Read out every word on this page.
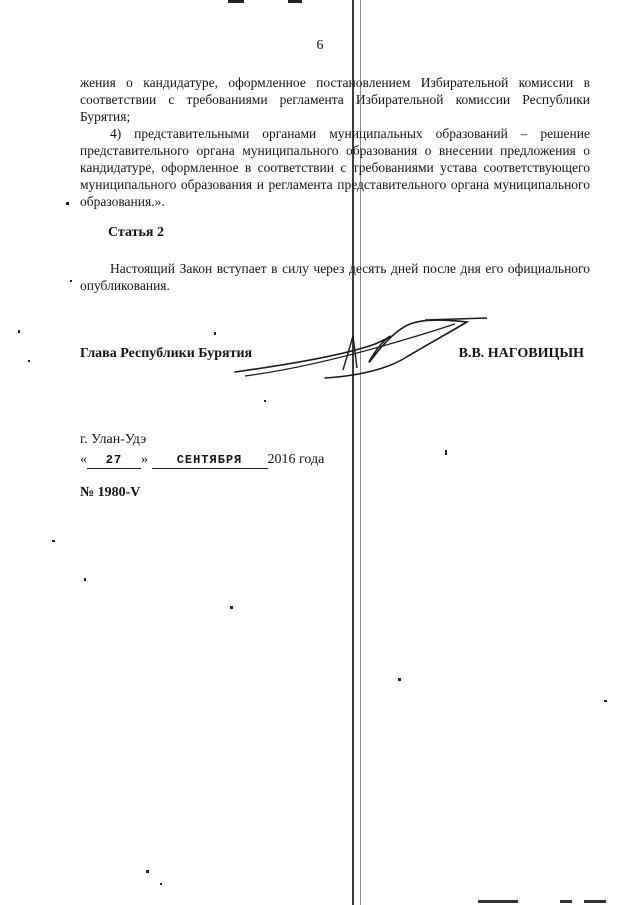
6

жения о кандидатуре, оформленное постановлением Избирательной комиссии в соответствии с требованиями регламента Избирательной комиссии Республики Бурятия;

4) представительными органами муниципальных образований – решение представительного органа муниципального образования о внесении предложения о кандидатуре, оформленное в соответствии с требованиями устава соответствующего муниципального образования и регламента представительного органа муниципального образования.».

Статья 2

Настоящий Закон вступает в силу через десять дней после дня его официального опубликования.

Глава Республики Бурятия	В.В. НАГОВИЦЫН
г. Улан-Удэ
« 27 » СЕНТЯБРЯ 2016 года
№ 1980-V
